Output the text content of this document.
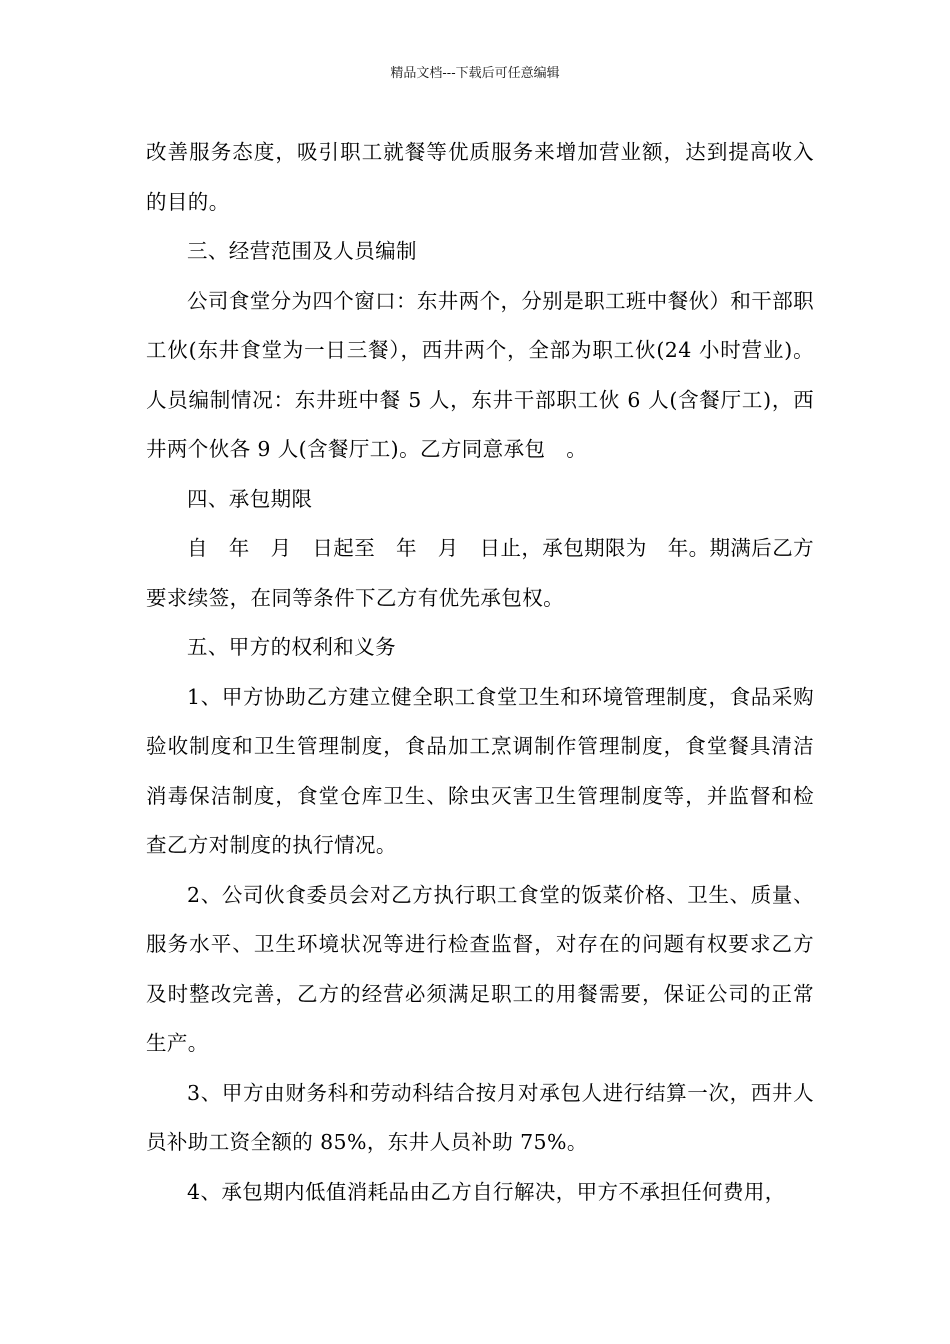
精品文档---下载后可任意编辑

改善服务态度，吸引职工就餐等优质服务来增加营业额，达到提高收入的目的。

三、经营范围及人员编制

公司食堂分为四个窗口：东井两个，分别是职工班中餐伙）和干部职工伙(东井食堂为一日三餐），西井两个，全部为职工伙(24 小时营业)。人员编制情况：东井班中餐 5 人，东井干部职工伙 6 人(含餐厅工)，西井两个伙各 9 人(含餐厅工)。乙方同意承包　。

四、承包期限

自　年　月　日起至　年　月　日止，承包期限为　年。期满后乙方要求续签，在同等条件下乙方有优先承包权。

五、甲方的权利和义务

1、甲方协助乙方建立健全职工食堂卫生和环境管理制度，食品采购验收制度和卫生管理制度，食品加工烹调制作管理制度，食堂餐具清洁消毒保洁制度，食堂仓库卫生、除虫灭害卫生管理制度等，并监督和检查乙方对制度的执行情况。

2、公司伙食委员会对乙方执行职工食堂的饭菜价格、卫生、质量、服务水平、卫生环境状况等进行检查监督，对存在的问题有权要求乙方及时整改完善，乙方的经营必须满足职工的用餐需要，保证公司的正常生产。

3、甲方由财务科和劳动科结合按月对承包人进行结算一次，西井人员补助工资全额的 85%，东井人员补助 75%。

4、承包期内低值消耗品由乙方自行解决，甲方不承担任何费用，
